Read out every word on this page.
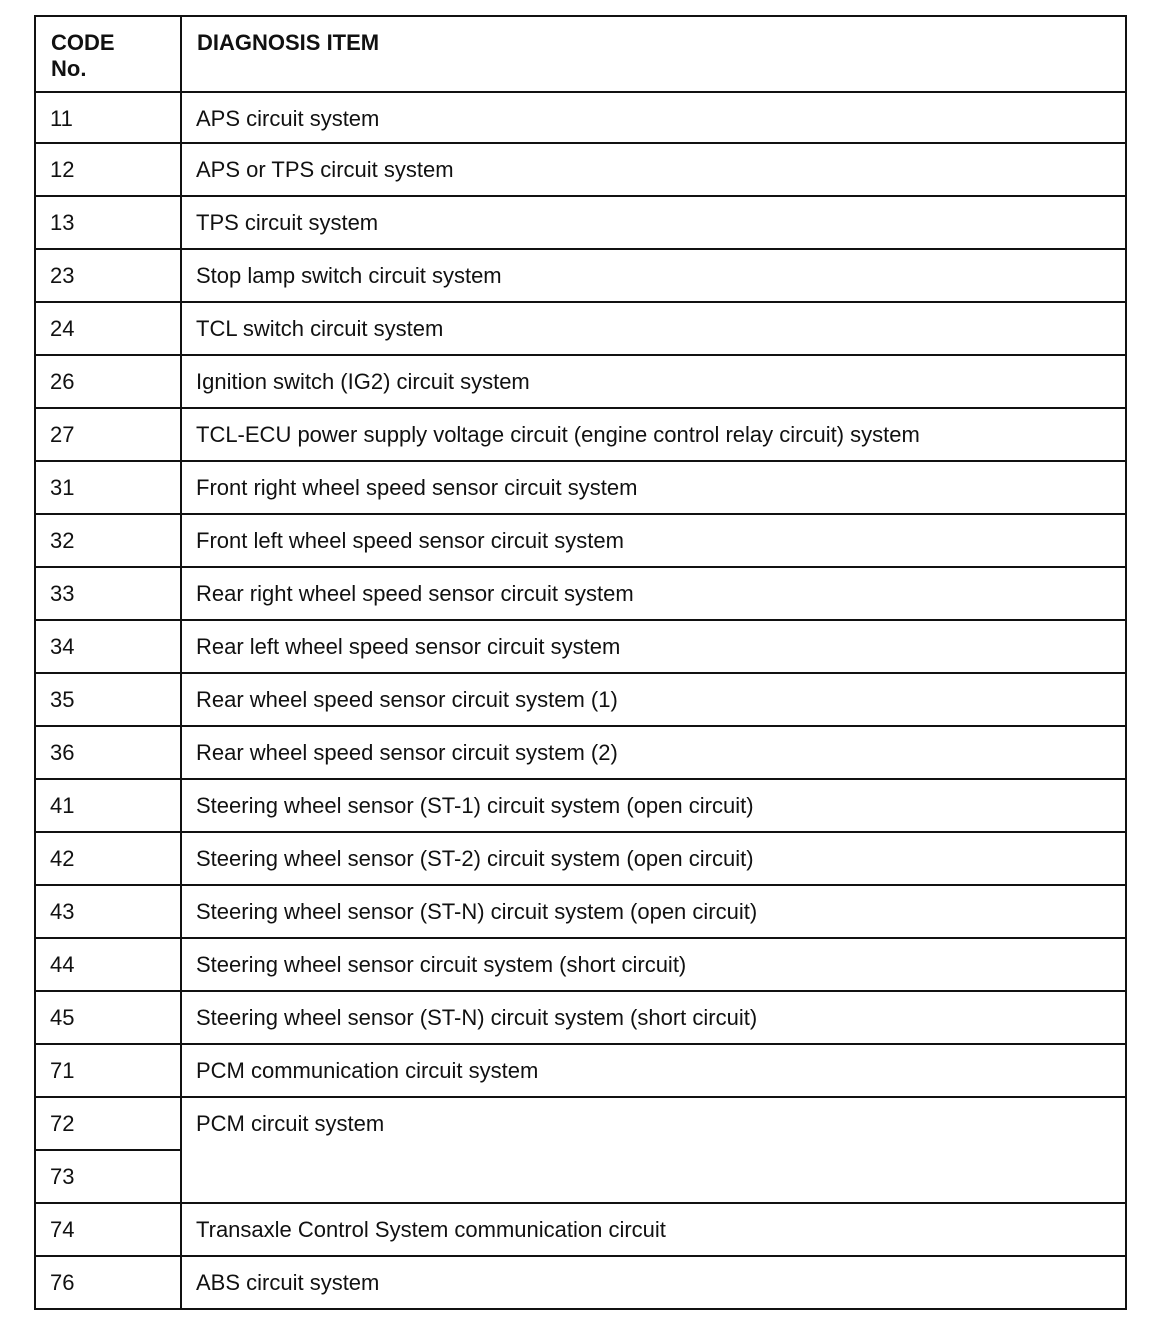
CODE
No.	DIAGNOSIS ITEM
11	APS circuit system
12	APS or TPS circuit system
13	TPS circuit system
23	Stop lamp switch circuit system
24	TCL switch circuit system
26	Ignition switch (IG2) circuit system
27	TCL-ECU power supply voltage circuit (engine control relay circuit) system
31	Front right wheel speed sensor circuit system
32	Front left wheel speed sensor circuit system
33	Rear right wheel speed sensor circuit system
34	Rear left wheel speed sensor circuit system
35	Rear wheel speed sensor circuit system (1)
36	Rear wheel speed sensor circuit system (2)
41	Steering wheel sensor (ST-1) circuit system (open circuit)
42	Steering wheel sensor (ST-2) circuit system (open circuit)
43	Steering wheel sensor (ST-N) circuit system (open circuit)
44	Steering wheel sensor circuit system (short circuit)
45	Steering wheel sensor (ST-N) circuit system (short circuit)
71	PCM communication circuit system
72	PCM circuit system
73	
74	Transaxle Control System communication circuit
76	ABS circuit system
